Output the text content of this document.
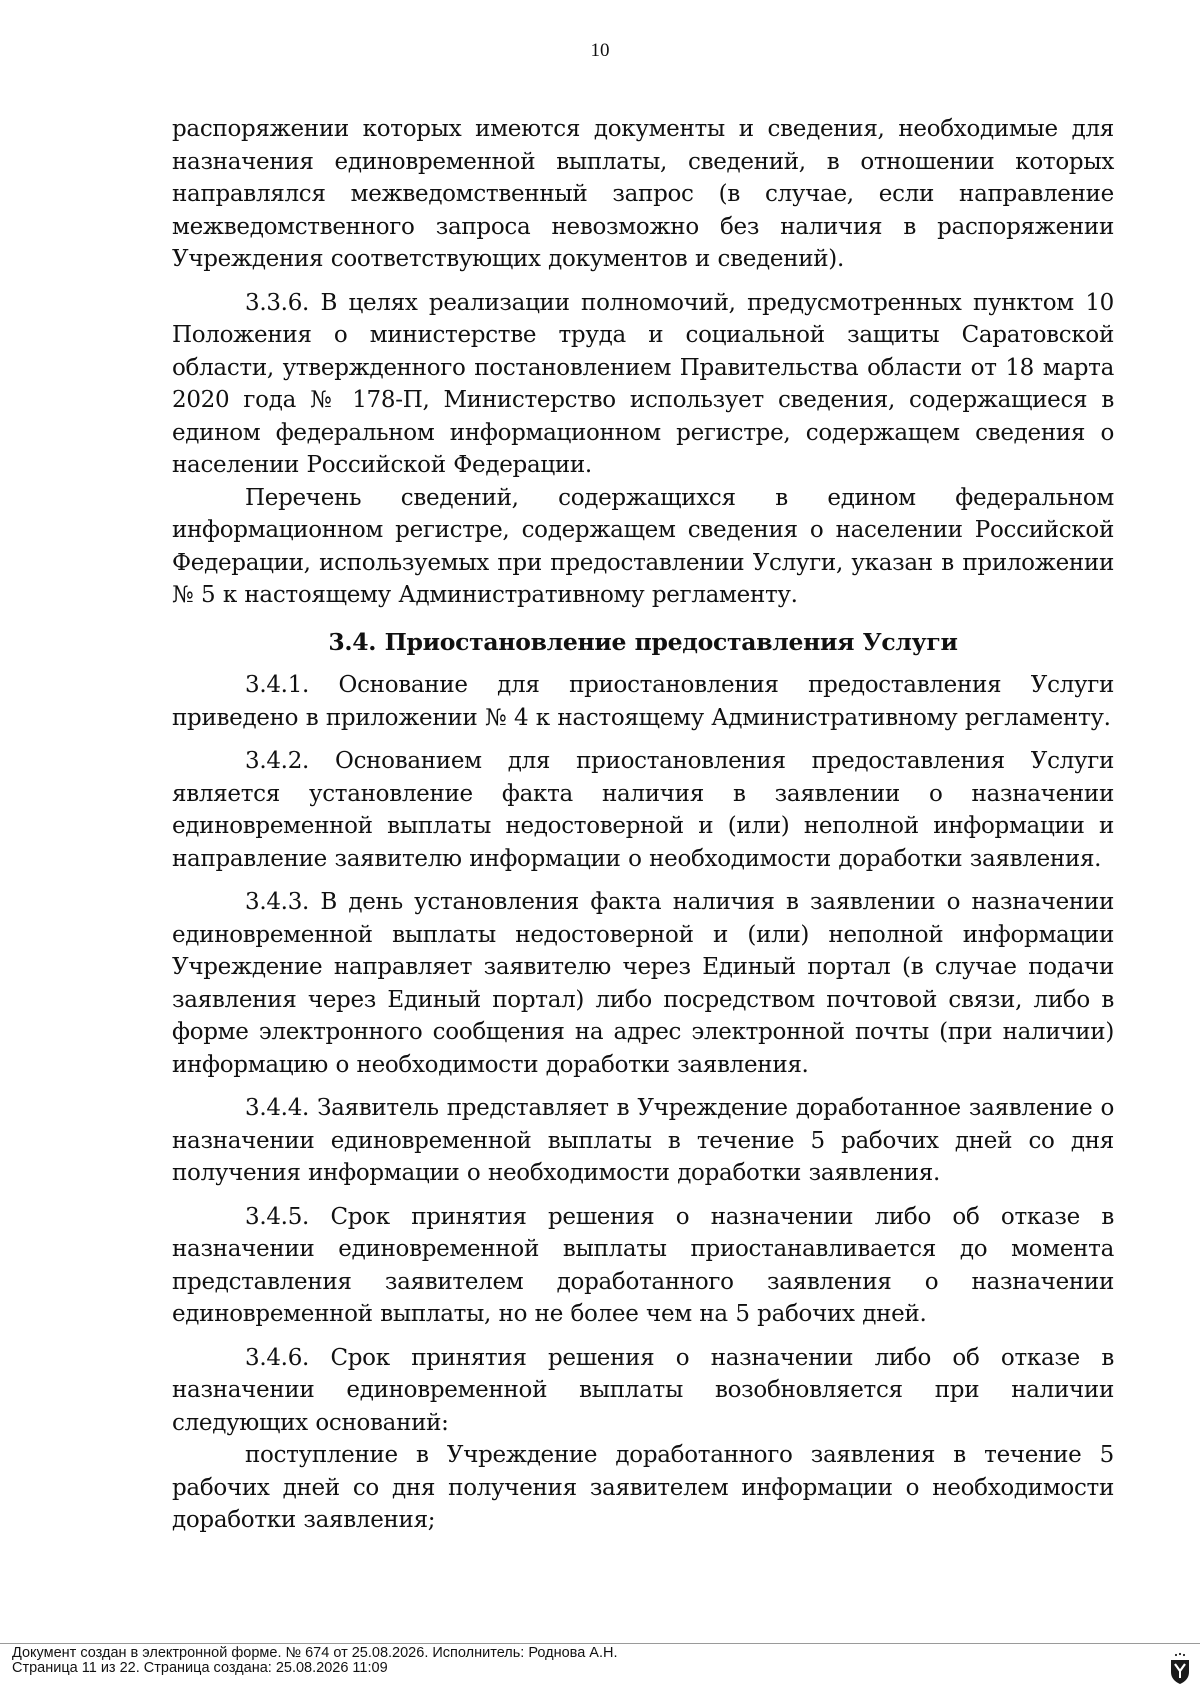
10

распоряжении которых имеются документы и сведения, необходимые для назначения единовременной выплаты, сведений, в отношении которых направлялся межведомственный запрос (в случае, если направление межведомственного запроса невозможно без наличия в распоряжении Учреждения соответствующих документов и сведений).

3.3.6. В целях реализации полномочий, предусмотренных пунктом 10 Положения о министерстве труда и социальной защиты Саратовской области, утвержденного постановлением Правительства области от 18 марта 2020 года № 178-П, Министерство использует сведения, содержащиеся в едином федеральном информационном регистре, содержащем сведения о населении Российской Федерации.

Перечень сведений, содержащихся в едином федеральном информационном регистре, содержащем сведения о населении Российской Федерации, используемых при предоставлении Услуги, указан в приложении № 5 к настоящему Административному регламенту.

3.4. Приостановление предоставления Услуги

3.4.1. Основание для приостановления предоставления Услуги приведено в приложении № 4 к настоящему Административному регламенту.

3.4.2. Основанием для приостановления предоставления Услуги является установление факта наличия в заявлении о назначении единовременной выплаты недостоверной и (или) неполной информации и направление заявителю информации о необходимости доработки заявления.

3.4.3. В день установления факта наличия в заявлении о назначении единовременной выплаты недостоверной и (или) неполной информации Учреждение направляет заявителю через Единый портал (в случае подачи заявления через Единый портал) либо посредством почтовой связи, либо в форме электронного сообщения на адрес электронной почты (при наличии) информацию о необходимости доработки заявления.

3.4.4. Заявитель представляет в Учреждение доработанное заявление о назначении единовременной выплаты в течение 5 рабочих дней со дня получения информации о необходимости доработки заявления.

3.4.5. Срок принятия решения о назначении либо об отказе в назначении единовременной выплаты приостанавливается до момента представления заявителем доработанного заявления о назначении единовременной выплаты, но не более чем на 5 рабочих дней.

3.4.6. Срок принятия решения о назначении либо об отказе в назначении единовременной выплаты возобновляется при наличии следующих оснований:

поступление в Учреждение доработанного заявления в течение 5 рабочих дней со дня получения заявителем информации о необходимости доработки заявления;

Документ создан в электронной форме. № 674 от 25.08.2026. Исполнитель: Роднова А.Н.
Страница 11 из 22. Страница создана: 25.08.2026 11:09
